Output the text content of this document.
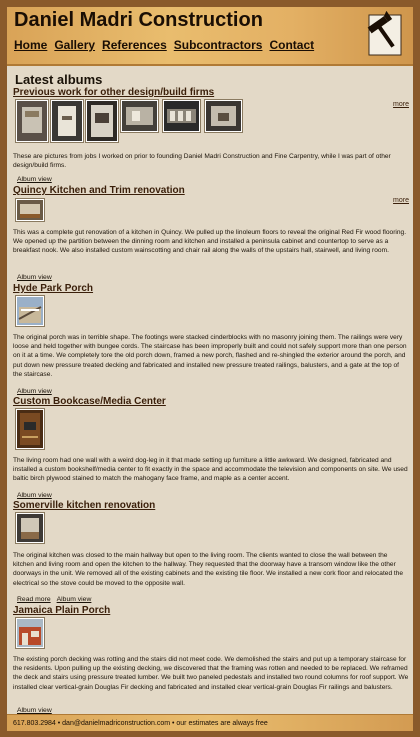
Daniel Madri Construction
Home Gallery References Subcontractors Contact
Latest albums
Previous work for other design/build firms
more

These are pictures from jobs I worked on prior to founding Daniel Madri Construction and Fine Carpentry, while I was part of other design/build firms.

Album view
Quincy Kitchen and Trim renovation
more

This was a complete gut renovation of a kitchen in Quincy. We pulled up the linoleum floors to reveal the original Red Fir wood flooring. We opened up the partition between the dinning room and kitchen and installed a peninsula cabinet and countertop to serve as a breakfast nook. We also installed custom wainscotting and chair rail along the walls of the upstairs hall, stairwell, and living room.

Album view
Hyde Park Porch

The original porch was in terrible shape. The footings were stacked cinderblocks with no masonry joining them. The railings were very loose and held together with bungee cords. The staircase has been improperly built and could not safely support more than one person on it at a time. We completely tore the old porch down, framed a new porch, flashed and re-shingled the exterior around the porch, and put down new pressure treated decking and fabricated and installed new pressure treated railings, balusters, and a gate at the top of the staircase.

Album view
Custom Bookcase/Media Center

The living room had one wall with a weird dog-leg in it that made setting up furniture a little awkward. We designed, fabricated and installed a custom bookshelf/media center to fit exactly in the space and accommodate the television and components on site. We used baltic birch plywood stained to match the mahogany face frame, and maple as a center accent.

Album view
Somerville kitchen renovation

The original kitchen was closed to the main hallway but open to the living room. The clients wanted to close the wall between the kitchen and living room and open the kitchen to the hallway. They requested that the doorway have a transom window like the other doorways in the unit. We removed all of the existing cabinets and the existing tile floor. We installed a new cork floor and relocated the electrical so the stove could be moved to the opposite wall.

Read more Album view
Jamaica Plain Porch

The existing porch decking was rotting and the stairs did not meet code. We demolished the stairs and put up a temporary staircase for the residents. Upon pulling up the existing decking, we discovered that the framing was rotten and needed to be replaced. We reframed the deck and stairs using pressure treated lumber. We built two paneled pedestals and installed two round columns for roof support. We installed clear vertical-grain Douglas Fir decking and fabricated and installed clear vertical-grain Douglas Fir railings and balusters.

Album view
617.803.2984 • dan@danielmadriconstruction.com • our estimates are always free
